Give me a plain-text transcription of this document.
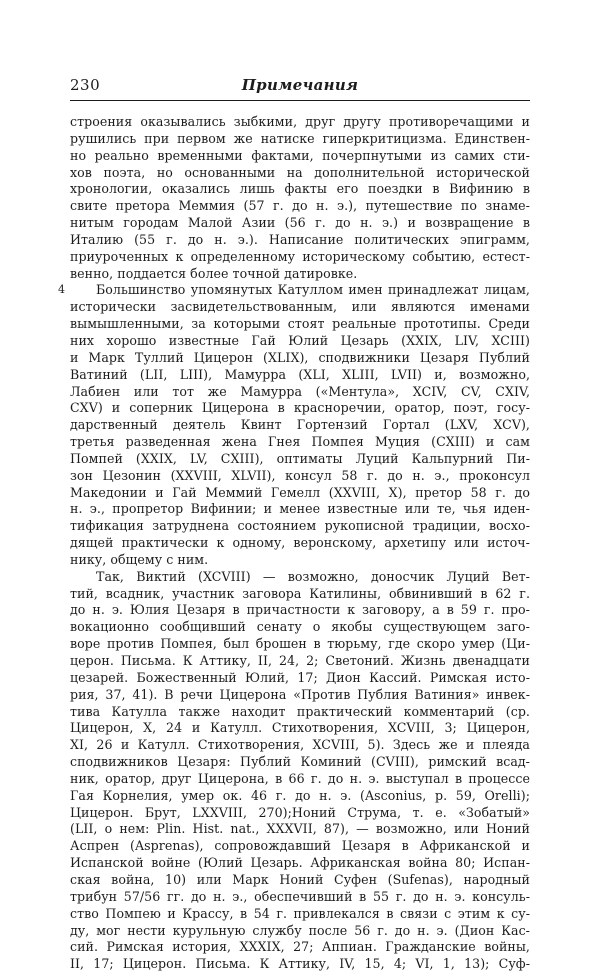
230	Примечания
строения оказывались зыбкими, друг другу противоречащими и
рушились при первом же натиске гиперкритицизма. Единствен-
но реально временными фактами, почерпнутыми из самих сти-
хов поэта, но основанными на дополнительной исторической
хронологии, оказались лишь факты его поездки в Вифинию в
свите претора Меммия (57 г. до н. э.), путешествие по знаме-
нитым городам Малой Азии (56 г. до н. э.) и возвращение в
Италию (55 г. до н. э.). Написание политических эпиграмм,
приуроченных к определенному историческому событию, естест-
венно, поддается более точной датировке.
4	Большинство упомянутых Катуллом имен принадлежат лицам,
исторически засвидетельствованным, или являются именами
вымышленными, за которыми стоят реальные прототипы. Среди
них хорошо известные Гай Юлий Цезарь (XXIX, LIV, XCIII)
и Марк Туллий Цицерон (XLIX), сподвижники Цезаря Публий
Ватиний (LII, LIII), Мамурра (XLI, XLIII, LVII) и, возможно,
Лабиен или тот же Мамурра («Ментула», XCIV, CV, CXIV,
CXV) и соперник Цицерона в красноречии, оратор, поэт, госу-
дарственный деятель Квинт Гортензий Гортал (LXV, XCV),
третья разведенная жена Гнея Помпея Муция (CXIII) и сам
Помпей (XXIX, LV, CXIII), оптиматы Луций Кальпурний Пи-
зон Цезонин (XXVIII, XLVII), консул 58 г. до н. э., проконсул
Македонии и Гай Меммий Гемелл (XXVIII, X), претор 58 г. до
н. э., пропретор Вифинии; и менее известные или те, чья иден-
тификация затруднена состоянием рукописной традиции, восхо-
дящей практически к одному, веронскому, архетипу или источ-
нику, общему с ним.
Так, Виктий (XCVIII) — возможно, доносчик Луций Вет-
тий, всадник, участник заговора Катилины, обвинивший в 62 г.
до н. э. Юлия Цезаря в причастности к заговору, а в 59 г. про-
вокационно сообщивший сенату о якобы существующем заго-
воре против Помпея, был брошен в тюрьму, где скоро умер (Ци-
церон. Письма. К Аттику, II, 24, 2; Светоний. Жизнь двенадцати
цезарей. Божественный Юлий, 17; Дион Кассий. Римская исто-
рия, 37, 41). В речи Цицерона «Против Публия Ватиния» инвек-
тива Катулла также находит практический комментарий (ср.
Цицерон, X, 24 и Катулл. Стихотворения, XCVIII, 3; Цицерон,
XI, 26 и Катулл. Стихотворения, XCVIII, 5). Здесь же и плеяда
сподвижников Цезаря: Публий Коминий (CVIII), римский всад-
ник, оратор, друг Цицерона, в 66 г. до н. э. выступал в процессе
Гая Корнелия, умер ок. 46 г. до н. э. (Asconius, p. 59, Orelli);
Цицерон. Брут, LXXVIII, 270);Ноний Струма, т. е. «Зобатый»
(LII, о нем: Plin. Hist. nat., XXXVII, 87), — возможно, или Ноний
Аспрен (Asprenas), сопровождавший Цезаря в Африканской и
Испанской войне (Юлий Цезарь. Африканская война 80; Испан-
ская война, 10) или Марк Ноний Суфен (Sufenas), народный
трибун 57/56 гг. до н. э., обеспечивший в 55 г. до н. э. консуль-
ство Помпею и Крассу, в 54 г. привлекался в связи с этим к су-
ду, мог нести курульную службу после 56 г. до н. э. (Дион Кас-
сий. Римская история, XXXIX, 27; Аппиан. Гражданские войны,
II, 17; Цицерон. Письма. К Аттику, IV, 15, 4; VI, 1, 13); Суф-
